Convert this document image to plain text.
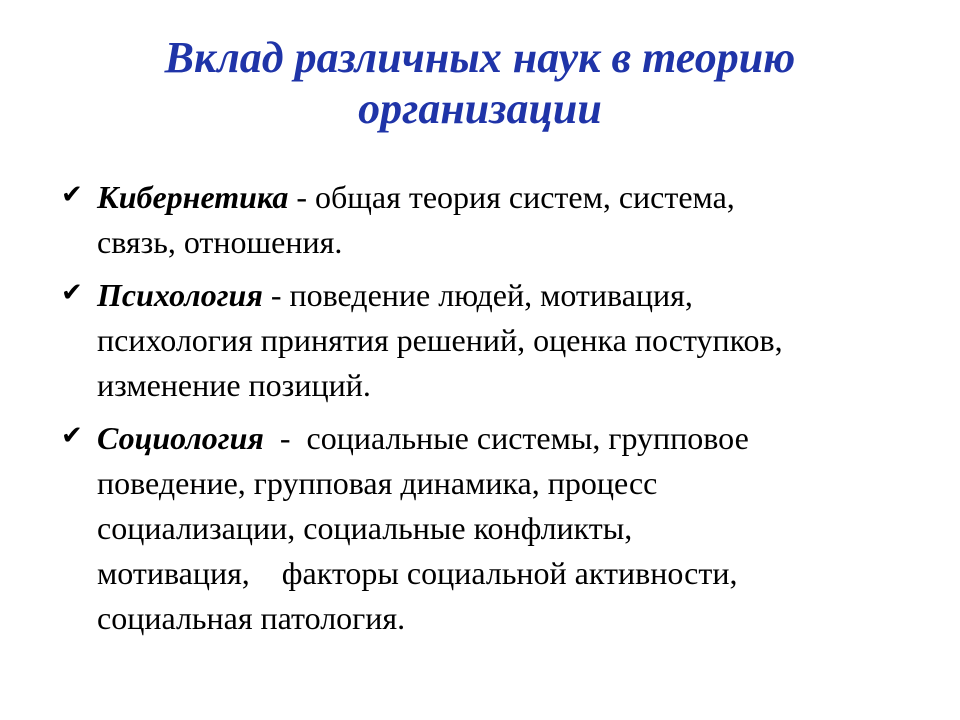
Вклад различных наук в теорию
организации
✔
Кибернетика - общая теория систем, система,
связь, отношения.
✔
Психология - поведение людей, мотивация,
психология принятия решений, оценка поступков,
изменение позиций.
✔
Социология  -  социальные системы, групповое
поведение, групповая динамика, процесс
социализации, социальные конфликты,
мотивация,    факторы социальной активности,
социальная патология.
